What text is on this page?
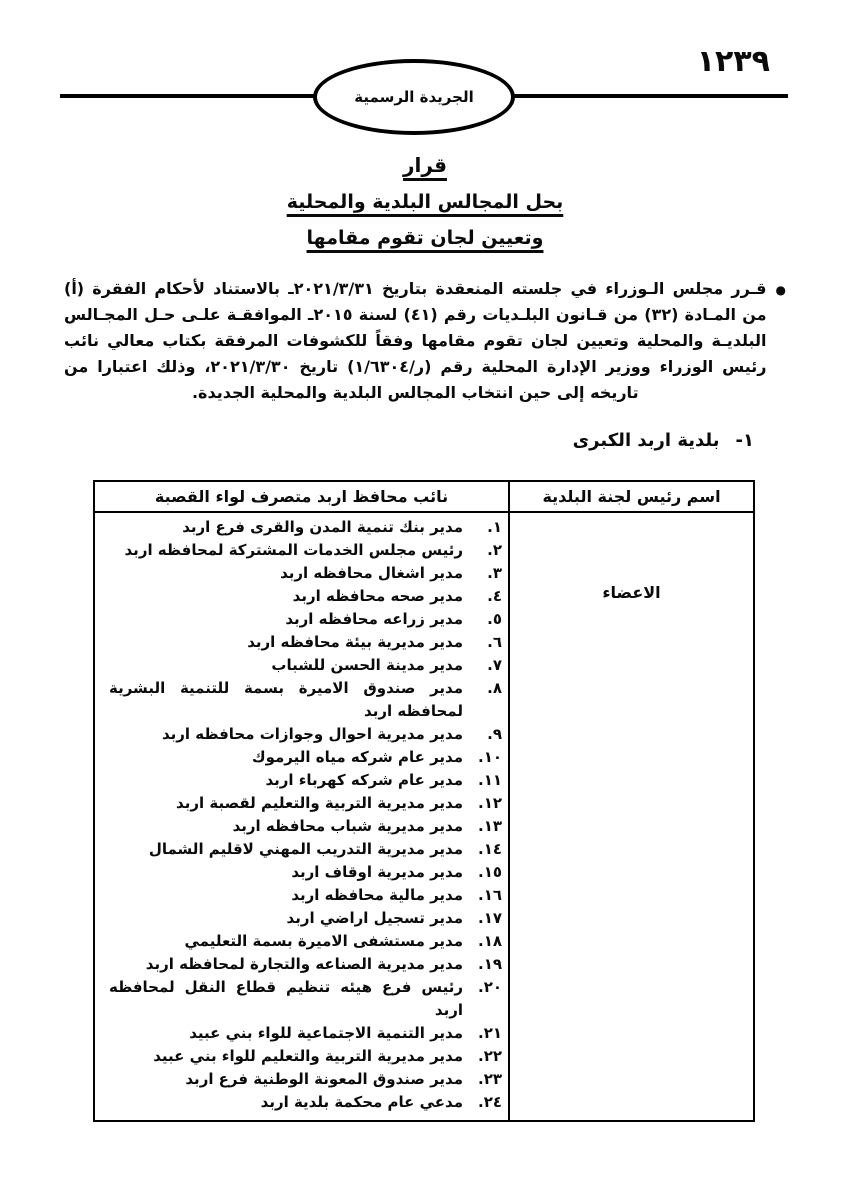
١٢٣٩
الجريدة الرسمية
قرار
بحل المجالس البلدية والمحلية
وتعيين لجان تقوم مقامها
●
قـرر مجلس الـوزراء في جلسته المنعقدة بتاريخ ٢٠٢١/٣/٣١ـ بالاستناد لأحكام الفقرة (أ) من المـادة (٣٢) من قـانون البلـديات رقم (٤١) لسنة ٢٠١٥ـ الموافقـة علـى حـل المجـالس البلديـة والمحلية وتعيين لجان تقوم مقامها وفقاً للكشوفات المرفقة بكتاب معالي نائب رئيس الوزراء ووزير الإدارة المحلية رقم (ر/١/٦٣٠٤) تاريخ ٢٠٢١/٣/٣٠، وذلك اعتبارا من تاريخه إلى حين انتخاب المجالس البلدية والمحلية الجديدة.
١-
بلدية اربد الكبرى
اسم رئيس لجنة البلدية	نائب محافظ اربد متصرف لواء القصبة
الاعضاء	
١.
مدير بنك تنمية المدن والقرى فرع اربد
٢.
رئيس مجلس الخدمات المشتركة لمحافظه اربد
٣.
مدير اشغال محافظه اربد
٤.
مدير صحه محافظه اربد
٥.
مدير زراعه محافظه اربد
٦.
مدير مديرية بيئة محافظه اربد
٧.
مدير مدينة الحسن للشباب
٨.
مدير صندوق الاميرة بسمة للتنمية البشرية لمحافظه اربد
٩.
مدير مديرية احوال وجوازات محافظه اربد
١٠.
مدير عام شركه مياه اليرموك
١١.
مدير عام شركه كهرباء اربد
١٢.
مدير مديرية التربية والتعليم لقصبة اربد
١٣.
مدير مديرية شباب محافظه اربد
١٤.
مدير مديرية التدريب المهني لاقليم الشمال
١٥.
مدير مديرية اوقاف اربد
١٦.
مدير مالية محافظه اربد
١٧.
مدير تسجيل اراضي اربد
١٨.
مدير مستشفى الاميرة بسمة التعليمي
١٩.
مدير مديرية الصناعه والتجارة لمحافظه اربد
٢٠.
رئيس فرع هيئه تنظيم قطاع النقل لمحافظه اربد
٢١.
مدير التنمية الاجتماعية للواء بني عبيد
٢٢.
مدير مديرية التربية والتعليم للواء بني عبيد
٢٣.
مدير صندوق المعونة الوطنية فرع اربد
٢٤.
مدعي عام محكمة بلدية اربد
